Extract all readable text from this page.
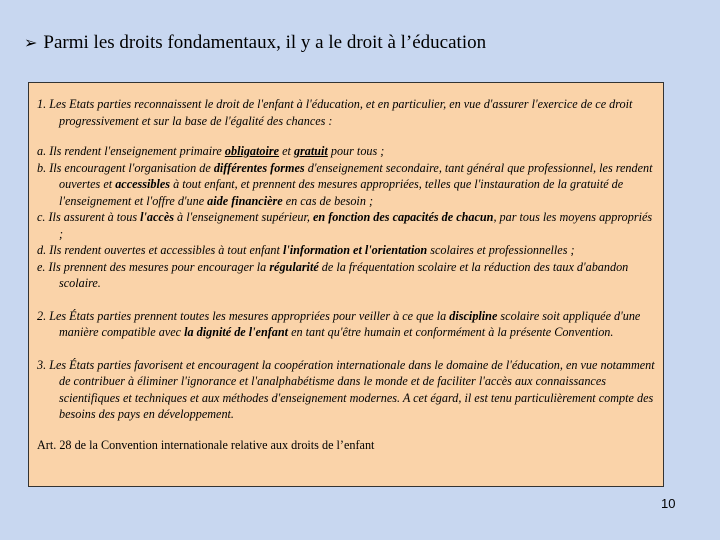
➢ Parmi les droits fondamentaux, il y a le droit à l’éducation

1. Les Etats parties reconnaissent le droit de l'enfant à l'éducation, et en particulier, en vue d'assurer l'exercice de ce droit progressivement et sur la base de l'égalité des chances :

a. Ils rendent l'enseignement primaire obligatoire et gratuit pour tous ;

b. Ils encouragent l'organisation de différentes formes d'enseignement secondaire, tant général que professionnel, les rendent ouvertes et accessibles à tout enfant, et prennent des mesures appropriées, telles que l'instauration de la gratuité de l'enseignement et l'offre d'une aide financière en cas de besoin ;

c. Ils assurent à tous l'accès à l'enseignement supérieur, en fonction des capacités de chacun, par tous les moyens appropriés ;

d. Ils rendent ouvertes et accessibles à tout enfant l'information et l'orientation scolaires et professionnelles ;

e. Ils prennent des mesures pour encourager la régularité de la fréquentation scolaire et la réduction des taux d'abandon scolaire.

2. Les États parties prennent toutes les mesures appropriées pour veiller à ce que la discipline scolaire soit appliquée d'une manière compatible avec la dignité de l'enfant en tant qu'être humain et conformément à la présente Convention.

3. Les États parties favorisent et encouragent la coopération internationale dans le domaine de l'éducation, en vue notamment de contribuer à éliminer l'ignorance et l'analphabétisme dans le monde et de faciliter l'accès aux connaissances scientifiques et techniques et aux méthodes d'enseignement modernes. A cet égard, il est tenu particulièrement compte des besoins des pays en développement.

Art. 28 de la Convention internationale relative aux droits de l’enfant

10
